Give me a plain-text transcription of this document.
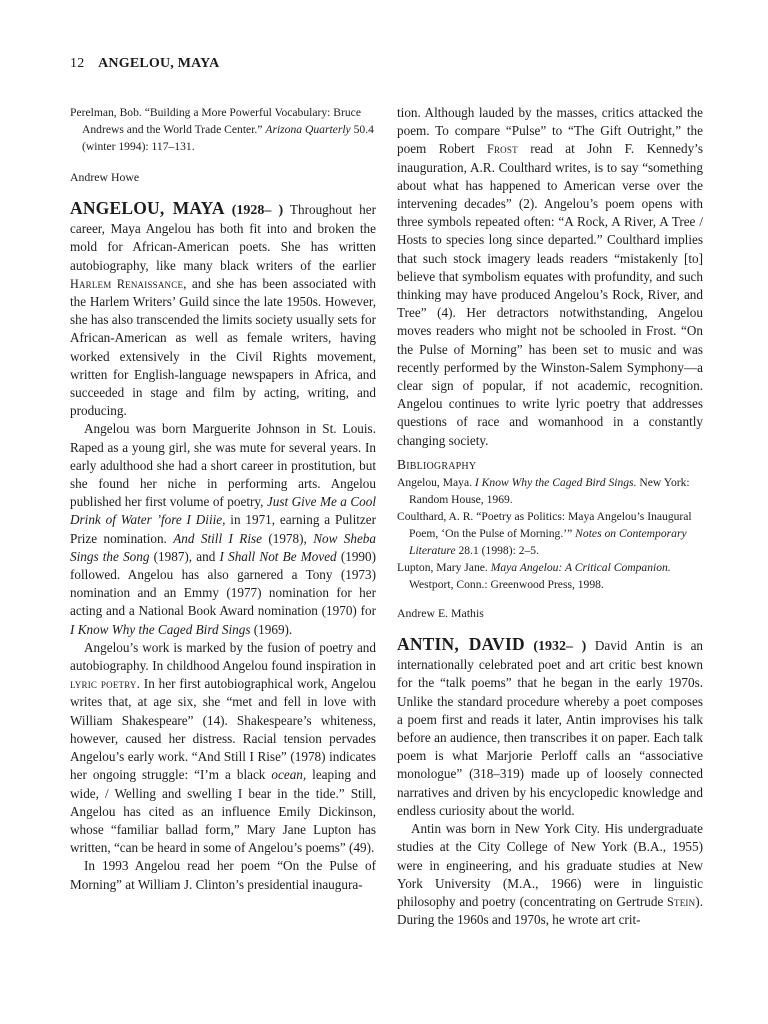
12 ANGELOU, MAYA

Perelman, Bob. “Building a More Powerful Vocabulary: Bruce Andrews and the World Trade Center.” Arizona Quarterly 50.4 (winter 1994): 117–131.

Andrew Howe

ANGELOU, MAYA (1928– ) Throughout her career, Maya Angelou has both fit into and broken the mold for African-American poets. She has written autobiography, like many black writers of the earlier Harlem Renaissance, and she has been associated with the Harlem Writers’ Guild since the late 1950s. However, she has also transcended the limits society usually sets for African-American as well as female writers, having worked extensively in the Civil Rights movement, written for English-language newspapers in Africa, and succeeded in stage and film by acting, writing, and producing.

Angelou was born Marguerite Johnson in St. Louis. Raped as a young girl, she was mute for several years. In early adulthood she had a short career in prostitution, but she found her niche in performing arts. Angelou published her first volume of poetry, Just Give Me a Cool Drink of Water ’fore I Diiie, in 1971, earning a Pulitzer Prize nomination. And Still I Rise (1978), Now Sheba Sings the Song (1987), and I Shall Not Be Moved (1990) followed. Angelou has also garnered a Tony (1973) nomination and an Emmy (1977) nomination for her acting and a National Book Award nomination (1970) for I Know Why the Caged Bird Sings (1969).

Angelou’s work is marked by the fusion of poetry and autobiography. In childhood Angelou found inspiration in lyric poetry. In her first autobiographical work, Angelou writes that, at age six, she “met and fell in love with William Shakespeare” (14). Shakespeare’s whiteness, however, caused her distress. Racial tension pervades Angelou’s early work. “And Still I Rise” (1978) indicates her ongoing struggle: “I’m a black ocean, leaping and wide, / Welling and swelling I bear in the tide.” Still, Angelou has cited as an influence Emily Dickinson, whose “familiar ballad form,” Mary Jane Lupton has written, “can be heard in some of Angelou’s poems” (49).

In 1993 Angelou read her poem “On the Pulse of Morning” at William J. Clinton’s presidential inaugura-

tion. Although lauded by the masses, critics attacked the poem. To compare “Pulse” to “The Gift Outright,” the poem Robert Frost read at John F. Kennedy’s inauguration, A.R. Coulthard writes, is to say “something about what has happened to American verse over the intervening decades” (2). Angelou’s poem opens with three symbols repeated often: “A Rock, A River, A Tree / Hosts to species long since departed.” Coulthard implies that such stock imagery leads readers “mistakenly [to] believe that symbolism equates with profundity, and such thinking may have produced Angelou’s Rock, River, and Tree” (4). Her detractors notwithstanding, Angelou moves readers who might not be schooled in Frost. “On the Pulse of Morning” has been set to music and was recently performed by the Winston-Salem Symphony—a clear sign of popular, if not academic, recognition. Angelou continues to write lyric poetry that addresses questions of race and womanhood in a constantly changing society.

Bibliography

Angelou, Maya. I Know Why the Caged Bird Sings. New York: Random House, 1969.

Coulthard, A. R. “Poetry as Politics: Maya Angelou’s Inaugural Poem, ‘On the Pulse of Morning.’” Notes on Contemporary Literature 28.1 (1998): 2–5.

Lupton, Mary Jane. Maya Angelou: A Critical Companion. Westport, Conn.: Greenwood Press, 1998.

Andrew E. Mathis

ANTIN, DAVID (1932– ) David Antin is an internationally celebrated poet and art critic best known for the “talk poems” that he began in the early 1970s. Unlike the standard procedure whereby a poet composes a poem first and reads it later, Antin improvises his talk before an audience, then transcribes it on paper. Each talk poem is what Marjorie Perloff calls an “associative monologue” (318–319) made up of loosely connected narratives and driven by his encyclopedic knowledge and endless curiosity about the world.

Antin was born in New York City. His undergraduate studies at the City College of New York (B.A., 1955) were in engineering, and his graduate studies at New York University (M.A., 1966) were in linguistic philosophy and poetry (concentrating on Gertrude Stein). During the 1960s and 1970s, he wrote art crit-
